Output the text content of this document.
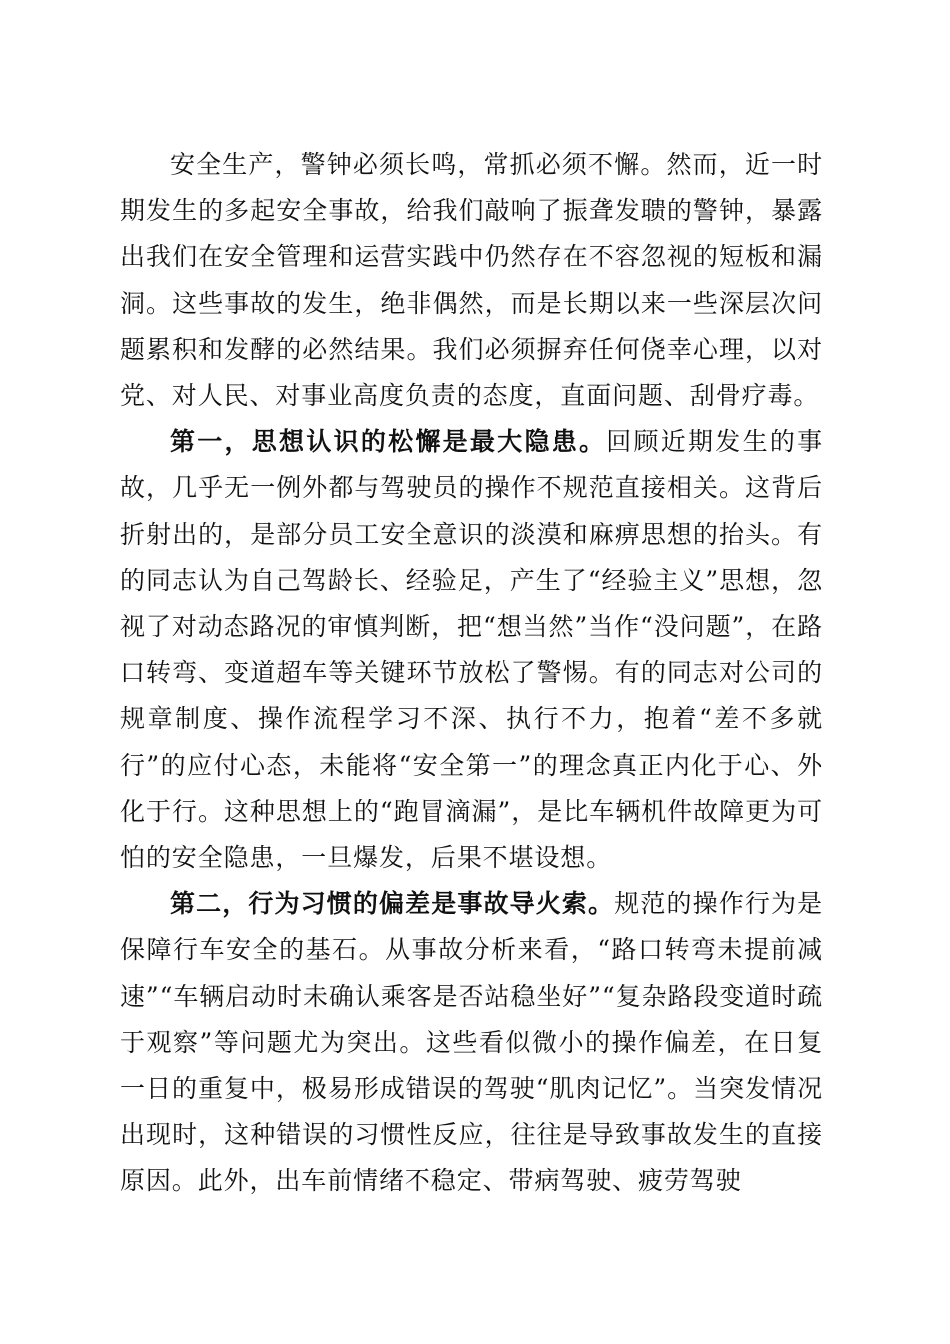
安全生产，警钟必须长鸣，常抓必须不懈。然而，近一时期发生的多起安全事故，给我们敲响了振聋发聩的警钟，暴露出我们在安全管理和运营实践中仍然存在不容忽视的短板和漏洞。这些事故的发生，绝非偶然，而是长期以来一些深层次问题累积和发酵的必然结果。我们必须摒弃任何侥幸心理，以对党、对人民、对事业高度负责的态度，直面问题、刮骨疗毒。

第一，思想认识的松懈是最大隐患。回顾近期发生的事故，几乎无一例外都与驾驶员的操作不规范直接相关。这背后折射出的，是部分员工安全意识的淡漠和麻痹思想的抬头。有的同志认为自己驾龄长、经验足，产生了“经验主义”思想，忽视了对动态路况的审慎判断，把“想当然”当作“没问题”，在路口转弯、变道超车等关键环节放松了警惕。有的同志对公司的规章制度、操作流程学习不深、执行不力，抱着“差不多就行”的应付心态，未能将“安全第一”的理念真正内化于心、外化于行。这种思想上的“跑冒滴漏”，是比车辆机件故障更为可怕的安全隐患，一旦爆发，后果不堪设想。

第二，行为习惯的偏差是事故导火索。规范的操作行为是保障行车安全的基石。从事故分析来看，“路口转弯未提前减速”“车辆启动时未确认乘客是否站稳坐好”“复杂路段变道时疏于观察”等问题尤为突出。这些看似微小的操作偏差，在日复一日的重复中，极易形成错误的驾驶“肌肉记忆”。当突发情况出现时，这种错误的习惯性反应，往往是导致事故发生的直接原因。此外，出车前情绪不稳定、带病驾驶、疲劳驾驶
